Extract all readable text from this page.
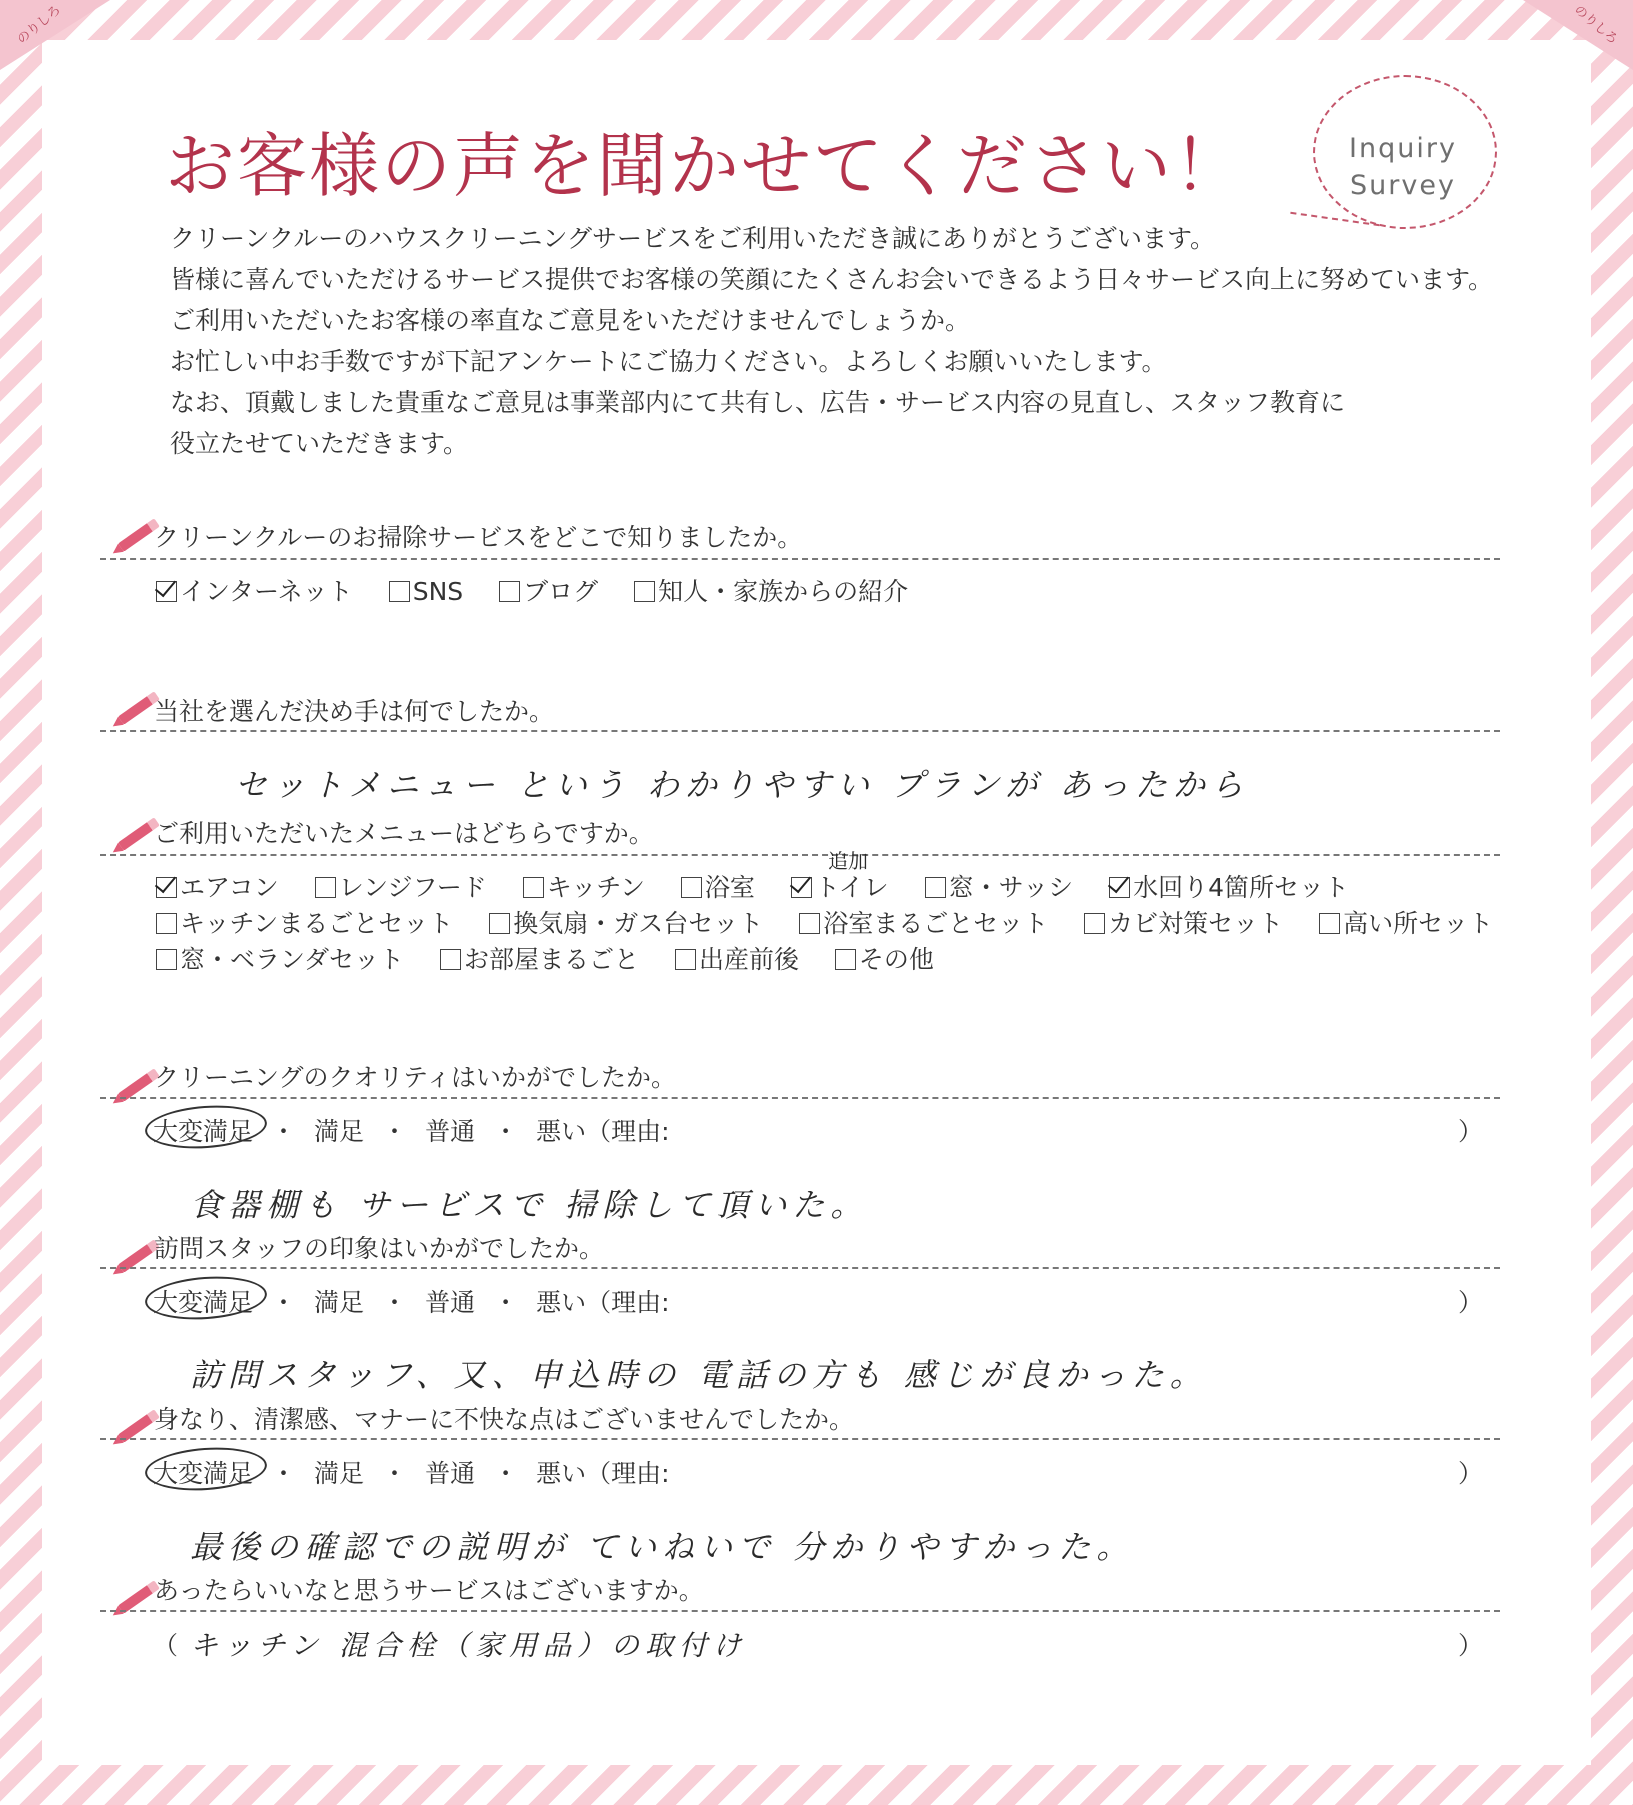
のりしろ	のりしろ
お客様の声を聞かせてください！	Inquiry
Survey
クリーンクルーのハウスクリーニングサービスをご利用いただき誠にありがとうございます。
皆様に喜んでいただけるサービス提供でお客様の笑顔にたくさんお会いできるよう日々サービス向上に努めています。
ご利用いただいたお客様の率直なご意見をいただけませんでしょうか。
お忙しい中お手数ですが下記アンケートにご協力ください。よろしくお願いいたします。
なお、頂戴しました貴重なご意見は事業部内にて共有し、広告・サービス内容の見直し、スタッフ教育に
役立たせていただきます。
クリーンクルーのお掃除サービスをどこで知りましたか。
インターネット SNS ブログ 知人・家族からの紹介
当社を選んだ決め手は何でしたか。
セットメニュー という わかりやすい プランが あったから
ご利用いただいたメニューはどちらですか。
追加
エアコン レンジフード キッチン 浴室 トイレ 窓・サッシ 水回り4箇所セット
キッチンまるごとセット 換気扇・ガス台セット 浴室まるごとセット カビ対策セット 高い所セット
窓・ベランダセット お部屋まるごと 出産前後 その他
クリーニングのクオリティはいかがでしたか。
大変満足 ・ 満足 ・ 普通 ・ 悪い（理由:	）
食器棚も サービスで 掃除して頂いた。
訪問スタッフの印象はいかがでしたか。
大変満足 ・ 満足 ・ 普通 ・ 悪い（理由:	）
訪問スタッフ、又、申込時の 電話の方も 感じが良かった。
身なり、清潔感、マナーに不快な点はございませんでしたか。
大変満足 ・ 満足 ・ 普通 ・ 悪い（理由:	）
最後の確認での説明が ていねいで 分かりやすかった。
あったらいいなと思うサービスはございますか。
（	）
キッチン 混合栓（家用品）の取付け
